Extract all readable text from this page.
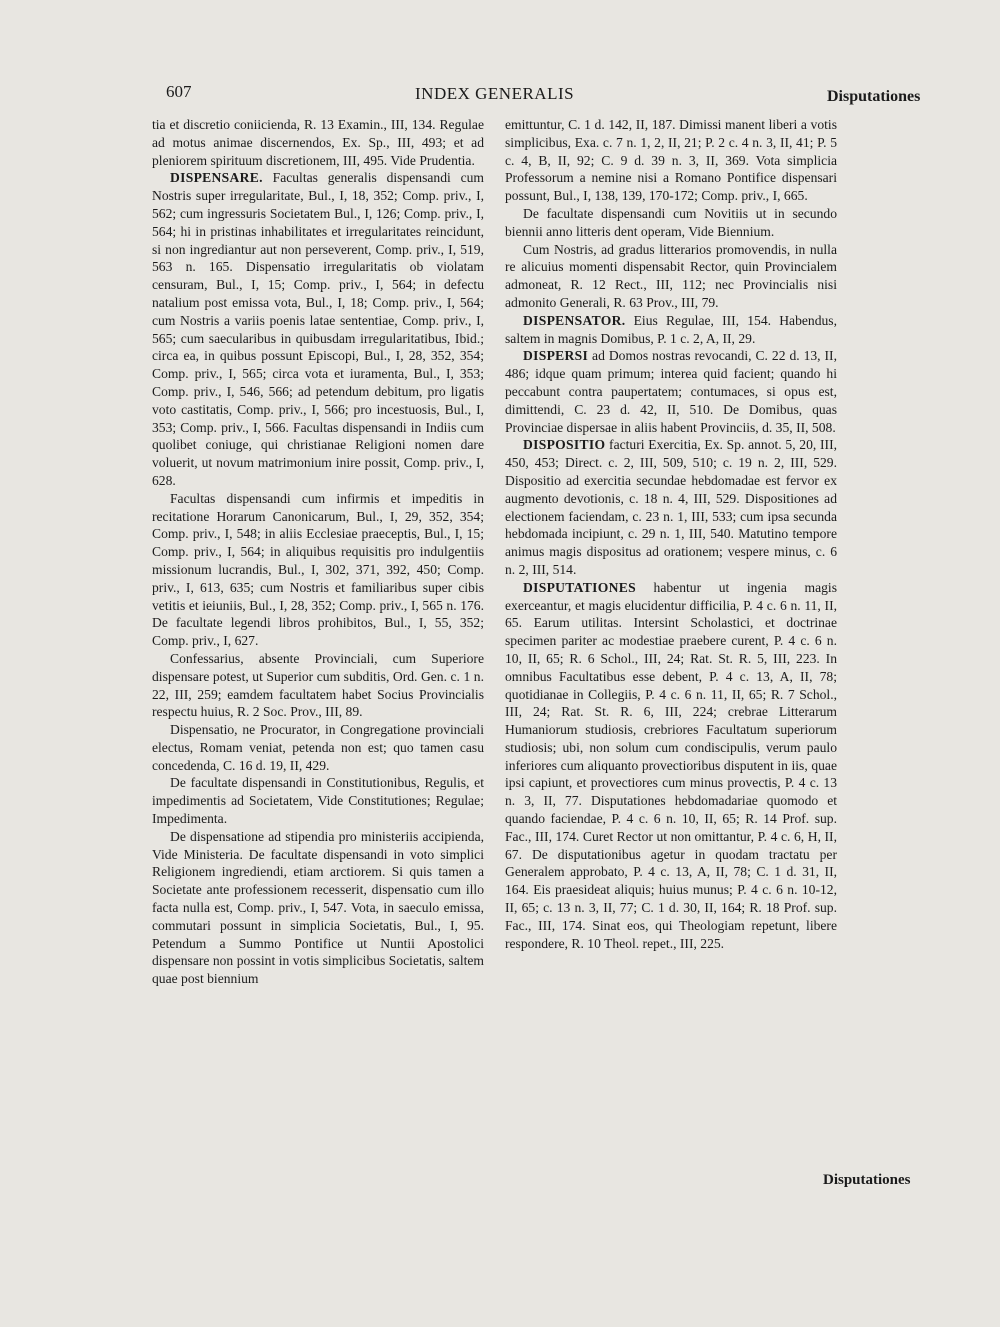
607	INDEX GENERALIS	Disputationes

tia et discretio coniicienda, R. 13 Examin., III, 134. Regulae ad motus animae discernendos, Ex. Sp., III, 493; et ad pleniorem spirituum discretionem, III, 495. Vide Prudentia.

DISPENSARE. Facultas generalis dispensandi cum Nostris super irregularitate, Bul., I, 18, 352; Comp. priv., I, 562; cum ingressuris Societatem Bul., I, 126; Comp. priv., I, 564; hi in pristinas inhabilitates et irregularitates reincidunt, si non ingrediantur aut non perseverent, Comp. priv., I, 519, 563 n. 165. Dispensatio irregularitatis ob violatam censuram, Bul., I, 15; Comp. priv., I, 564; in defectu natalium post emissa vota, Bul., I, 18; Comp. priv., I, 564; cum Nostris a variis poenis latae sententiae, Comp. priv., I, 565; cum saecularibus in quibusdam irregularitatibus, Ibid.; circa ea, in quibus possunt Episcopi, Bul., I, 28, 352, 354; Comp. priv., I, 565; circa vota et iuramenta, Bul., I, 353; Comp. priv., I, 546, 566; ad petendum debitum, pro ligatis voto castitatis, Comp. priv., I, 566; pro incestuosis, Bul., I, 353; Comp. priv., I, 566. Facultas dispensandi in Indiis cum quolibet coniuge, qui christianae Religioni nomen dare voluerit, ut novum matrimonium inire possit, Comp. priv., I, 628.

Facultas dispensandi cum infirmis et impeditis in recitatione Horarum Canonicarum, Bul., I, 29, 352, 354; Comp. priv., I, 548; in aliis Ecclesiae praeceptis, Bul., I, 15; Comp. priv., I, 564; in aliquibus requisitis pro indulgentiis missionum lucrandis, Bul., I, 302, 371, 392, 450; Comp. priv., I, 613, 635; cum Nostris et familiaribus super cibis vetitis et ieiuniis, Bul., I, 28, 352; Comp. priv., I, 565 n. 176. De facultate legendi libros prohibitos, Bul., I, 55, 352; Comp. priv., I, 627.

Confessarius, absente Provinciali, cum Superiore dispensare potest, ut Superior cum subditis, Ord. Gen. c. 1 n. 22, III, 259; eamdem facultatem habet Socius Provincialis respectu huius, R. 2 Soc. Prov., III, 89.

Dispensatio, ne Procurator, in Congregatione provinciali electus, Romam veniat, petenda non est; quo tamen casu concedenda, C. 16 d. 19, II, 429.

De facultate dispensandi in Constitutionibus, Regulis, et impedimentis ad Societatem, Vide Constitutiones; Regulae; Impedimenta.

De dispensatione ad stipendia pro ministeriis accipienda, Vide Ministeria. De facultate dispensandi in voto simplici Religionem ingrediendi, etiam arctiorem. Si quis tamen a Societate ante professionem recesserit, dispensatio cum illo facta nulla est, Comp. priv., I, 547. Vota, in saeculo emissa, commutari possunt in simplicia Societatis, Bul., I, 95. Petendum a Summo Pontifice ut Nuntii Apostolici dispensare non possint in votis simplicibus Societatis, saltem quae post biennium

emittuntur, C. 1 d. 142, II, 187. Dimissi manent liberi a votis simplicibus, Exa. c. 7 n. 1, 2, II, 21; P. 2 c. 4 n. 3, II, 41; P. 5 c. 4, B, II, 92; C. 9 d. 39 n. 3, II, 369. Vota simplicia Professorum a nemine nisi a Romano Pontifice dispensari possunt, Bul., I, 138, 139, 170-172; Comp. priv., I, 665.

De facultate dispensandi cum Novitiis ut in secundo biennii anno litteris dent operam, Vide Biennium.

Cum Nostris, ad gradus litterarios promovendis, in nulla re alicuius momenti dispensabit Rector, quin Provincialem admoneat, R. 12 Rect., III, 112; nec Provincialis nisi admonito Generali, R. 63 Prov., III, 79.

DISPENSATOR. Eius Regulae, III, 154. Habendus, saltem in magnis Domibus, P. 1 c. 2, A, II, 29.

DISPERSI ad Domos nostras revocandi, C. 22 d. 13, II, 486; idque quam primum; interea quid facient; quando hi peccabunt contra paupertatem; contumaces, si opus est, dimittendi, C. 23 d. 42, II, 510. De Domibus, quas Provinciae dispersae in aliis habent Provinciis, d. 35, II, 508.

DISPOSITIO facturi Exercitia, Ex. Sp. annot. 5, 20, III, 450, 453; Direct. c. 2, III, 509, 510; c. 19 n. 2, III, 529. Dispositio ad exercitia secundae hebdomadae est fervor ex augmento devotionis, c. 18 n. 4, III, 529. Dispositiones ad electionem faciendam, c. 23 n. 1, III, 533; cum ipsa secunda hebdomada incipiunt, c. 29 n. 1, III, 540. Matutino tempore animus magis dispositus ad orationem; vespere minus, c. 6 n. 2, III, 514.

DISPUTATIONES habentur ut ingenia magis exerceantur, et magis elucidentur difficilia, P. 4 c. 6 n. 11, II, 65. Earum utilitas. Intersint Scholastici, et doctrinae specimen pariter ac modestiae praebere curent, P. 4 c. 6 n. 10, II, 65; R. 6 Schol., III, 24; Rat. St. R. 5, III, 223. In omnibus Facultatibus esse debent, P. 4 c. 13, A, II, 78; quotidianae in Collegiis, P. 4 c. 6 n. 11, II, 65; R. 7 Schol., III, 24; Rat. St. R. 6, III, 224; crebrae Litterarum Humaniorum studiosis, crebriores Facultatum superiorum studiosis; ubi, non solum cum condiscipulis, verum paulo inferiores cum aliquanto provectioribus disputent in iis, quae ipsi capiunt, et provectiores cum minus provectis, P. 4 c. 13 n. 3, II, 77. Disputationes hebdomadariae quomodo et quando faciendae, P. 4 c. 6 n. 10, II, 65; R. 14 Prof. sup. Fac., III, 174. Curet Rector ut non omittantur, P. 4 c. 6, H, II, 67. De disputationibus agetur in quodam tractatu per Generalem approbato, P. 4 c. 13, A, II, 78; C. 1 d. 31, II, 164. Eis praesideat aliquis; huius munus; P. 4 c. 6 n. 10-12, II, 65; c. 13 n. 3, II, 77; C. 1 d. 30, II, 164; R. 18 Prof. sup. Fac., III, 174. Sinat eos, qui Theologiam repetunt, libere respondere, R. 10 Theol. repet., III, 225.

Disputationes
